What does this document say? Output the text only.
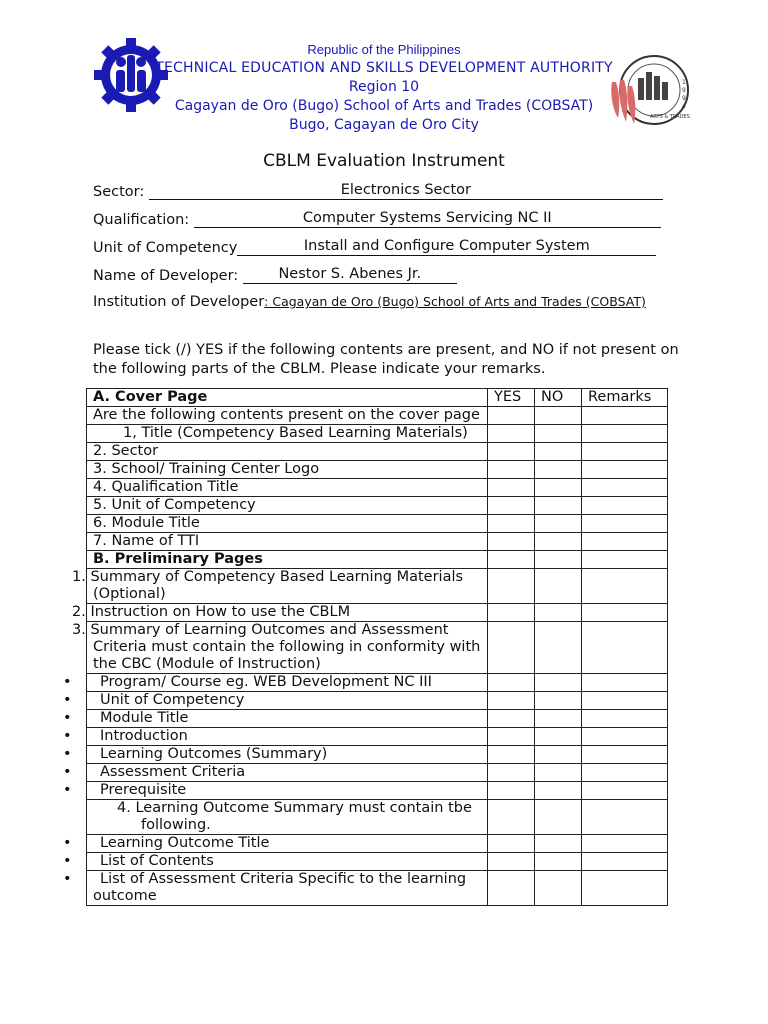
1
9
9
4
ARTS & TRADES
Republic of the Philippines
TECHNICAL EDUCATION AND SKILLS DEVELOPMENT AUTHORITY
Region 10
Cagayan de Oro (Bugo) School of Arts and Trades (COBSAT)
Bugo, Cagayan de Oro City
CBLM Evaluation Instrument
Sector:	Electronics Sector
Qualification:	Computer Systems Servicing NC II
Unit of Competency	Install and Configure Computer System
Name of Developer:	Nestor S. Abenes Jr.
Institution of Developer: Cagayan de Oro (Bugo) School of Arts and Trades (COBSAT)
Please tick (/) YES if the following contents are present, and NO if not present on the following parts of the CBLM. Please indicate your remarks.
A. Cover Page	YES	NO	Remarks
Are the following contents present on the cover page			
1, Title (Competency Based Learning Materials)			
2. Sector			
3. School/ Training Center Logo			
4. Qualification Title			
5. Unit of Competency			
6. Module Title			
7. Name of TTI			
B. Preliminary Pages			
1. Summary of Competency Based Learning Materials (Optional)			
2. Instruction on How to use the CBLM			
3. Summary of Learning Outcomes and Assessment Criteria must contain the following in conformity with the CBC (Module of Instruction)			
• Program/ Course eg. WEB Development NC III			
• Unit of Competency			
• Module Title			
• Introduction			
• Learning Outcomes (Summary)			
• Assessment Criteria			
• Prerequisite			
4. Learning Outcome Summary must contain tbe following.			
• Learning Outcome Title			
• List of Contents			
• List of Assessment Criteria Specific to the learning outcome			
